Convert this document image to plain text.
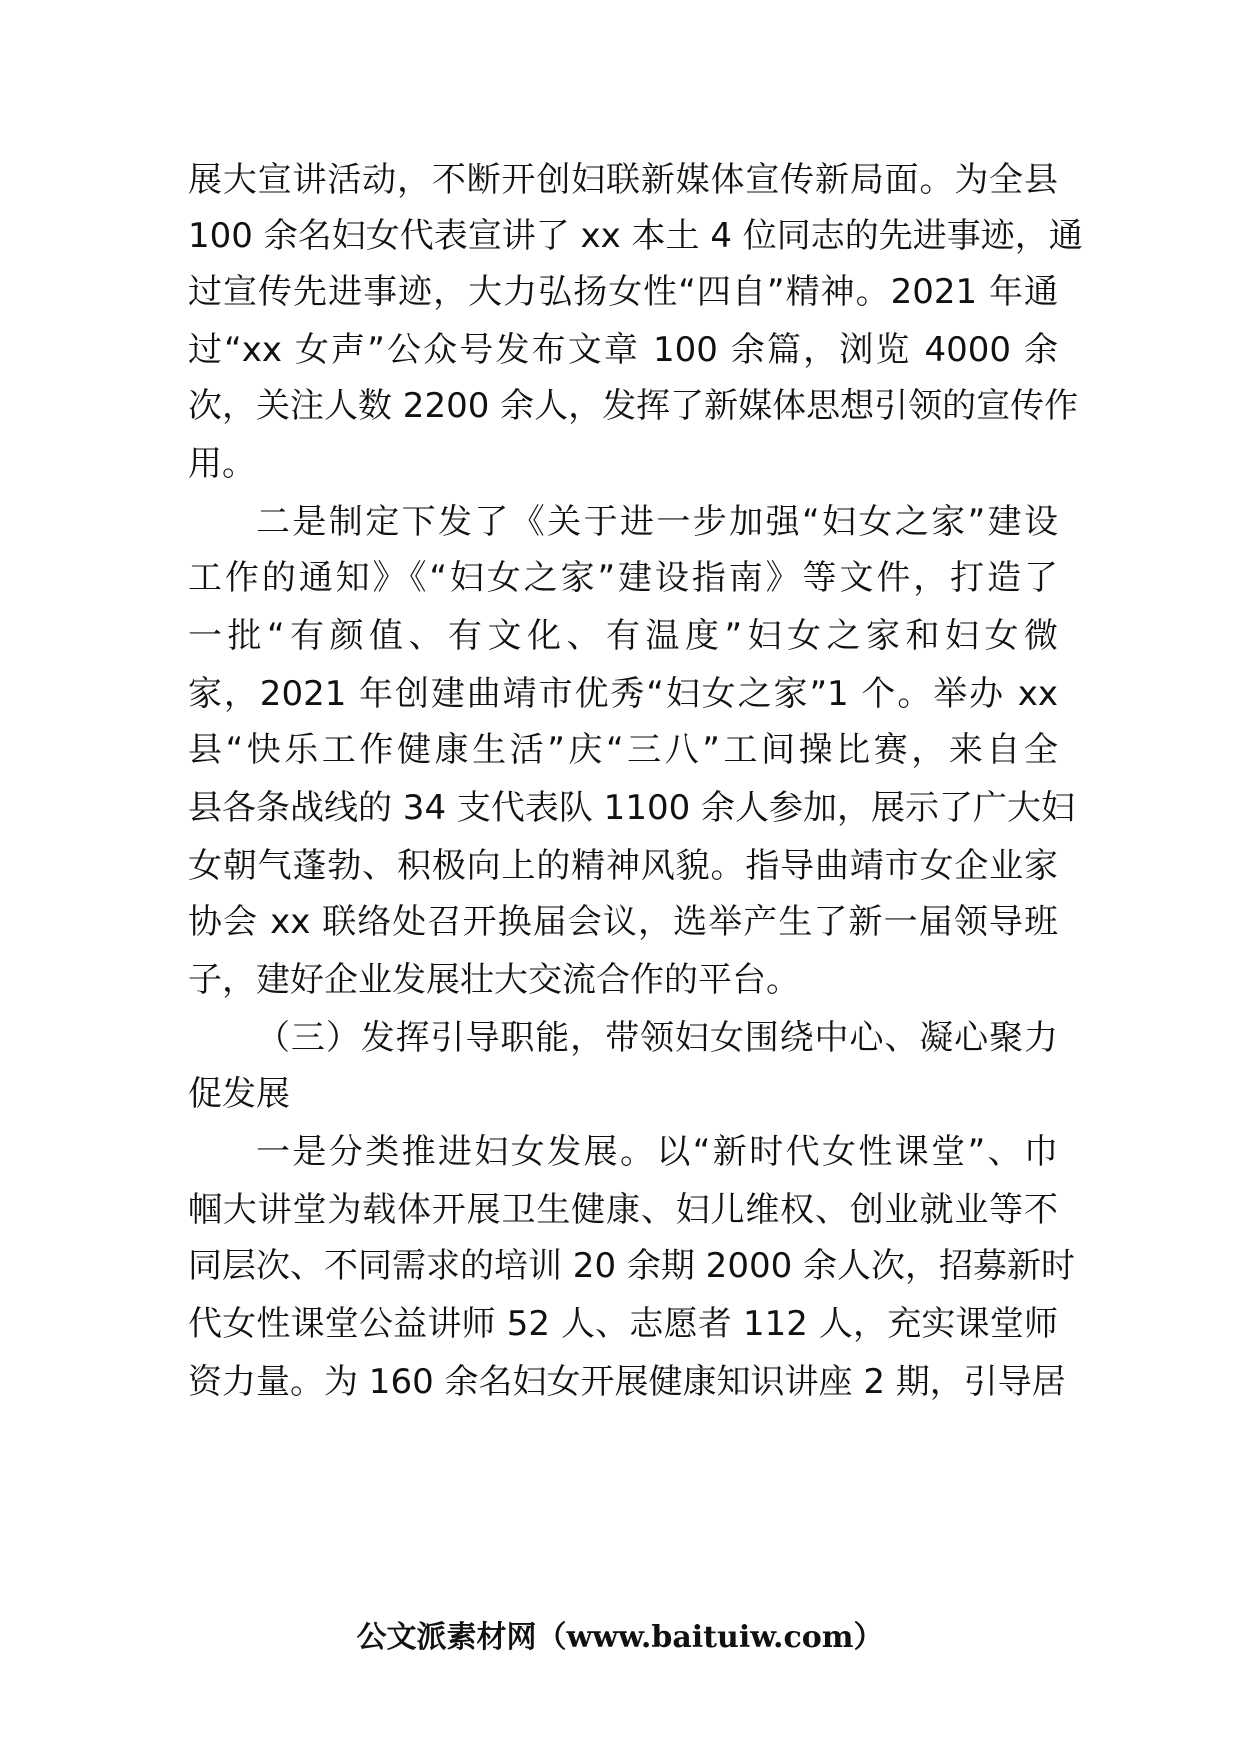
展大宣讲活动，不断开创妇联新媒体宣传新局面。为全县
100 余名妇女代表宣讲了 xx 本土 4 位同志的先进事迹，通
过宣传先进事迹，大力弘扬女性“四自”精神。2021 年通
过“xx 女声”公众号发布文章 100 余篇，浏览 4000 余
次，关注人数 2200 余人，发挥了新媒体思想引领的宣传作
用。
二是制定下发了《关于进一步加强“妇女之家”建设
工作的通知》《“妇女之家”建设指南》等文件，打造了
一批“有颜值、有文化、有温度”妇女之家和妇女微
家，2021 年创建曲靖市优秀“妇女之家”1 个。举办 xx
县“快乐工作健康生活”庆“三八”工间操比赛，来自全
县各条战线的 34 支代表队 1100 余人参加，展示了广大妇
女朝气蓬勃、积极向上的精神风貌。指导曲靖市女企业家
协会 xx 联络处召开换届会议，选举产生了新一届领导班
子，建好企业发展壮大交流合作的平台。
（三）发挥引导职能，带领妇女围绕中心、凝心聚力
促发展
一是分类推进妇女发展。以“新时代女性课堂”、巾
帼大讲堂为载体开展卫生健康、妇儿维权、创业就业等不
同层次、不同需求的培训 20 余期 2000 余人次，招募新时
代女性课堂公益讲师 52 人、志愿者 112 人，充实课堂师
资力量。为 160 余名妇女开展健康知识讲座 2 期，引导居
公文派素材网（www.baituiw.com）
